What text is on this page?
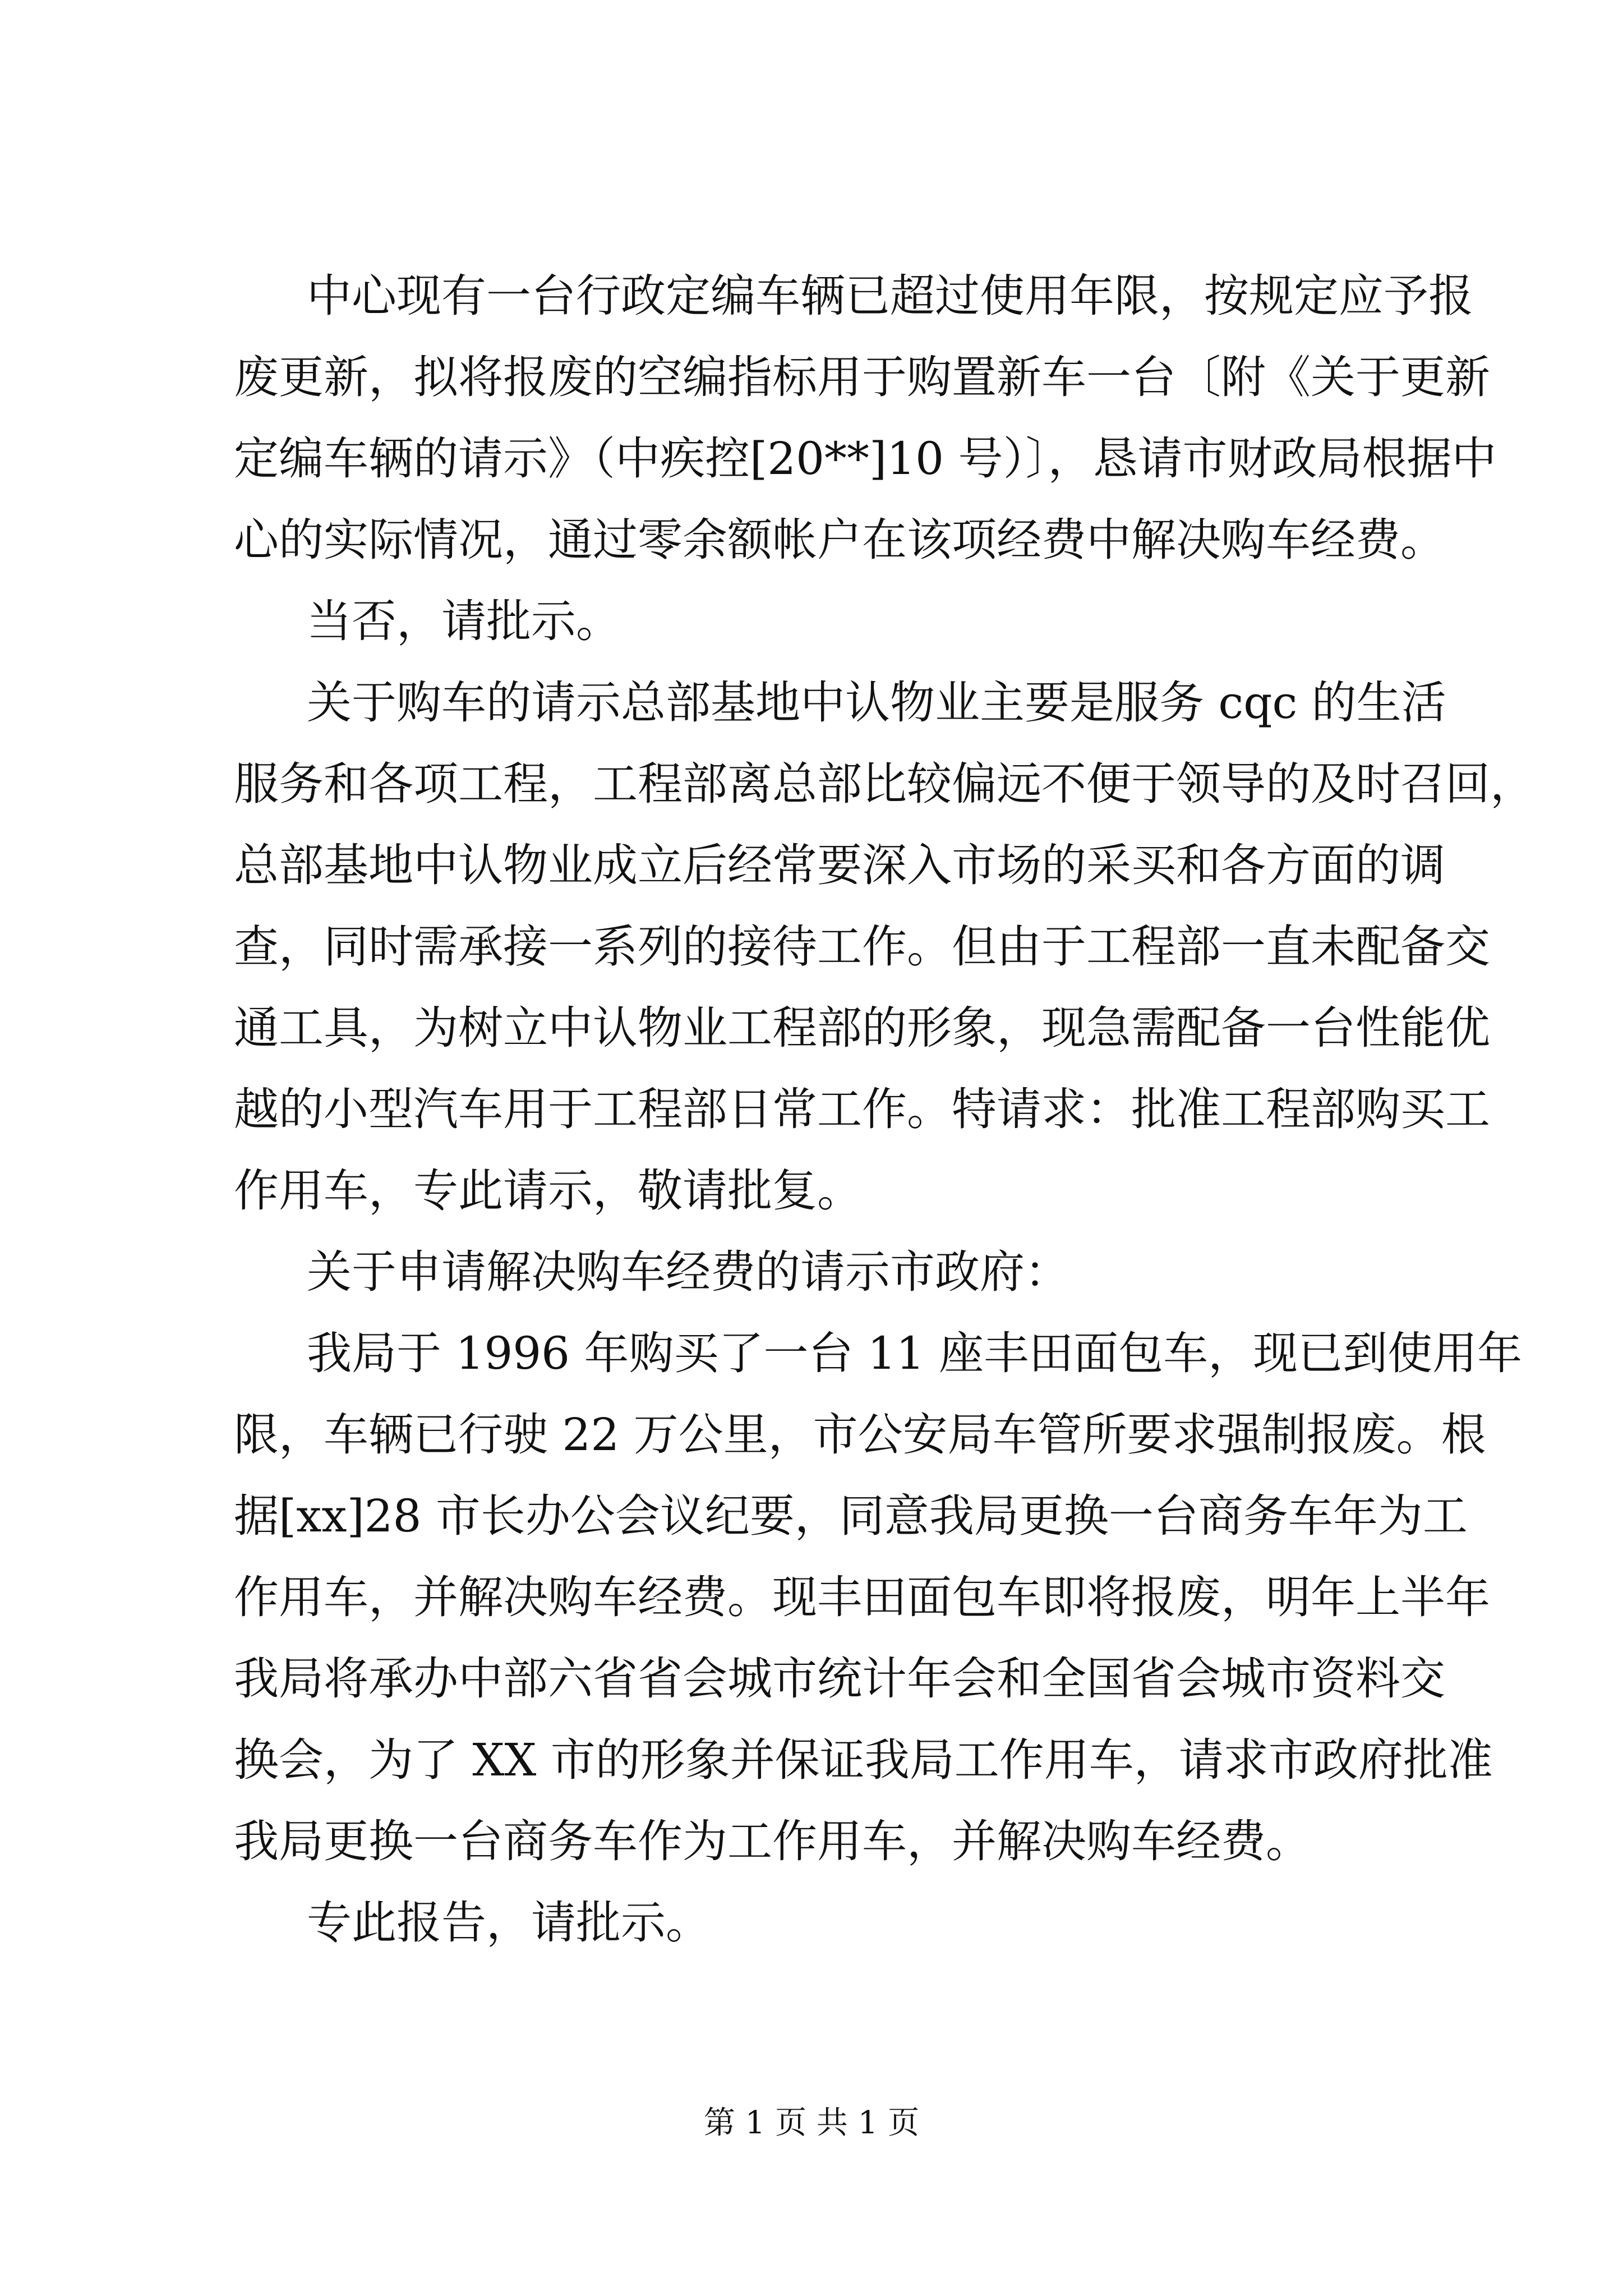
中心现有一台行政定编车辆已超过使用年限，按规定应予报
废更新，拟将报废的空编指标用于购置新车一台〔附《关于更新
定编车辆的请示》（中疾控[20**]10 号）〕，恳请市财政局根据中
心的实际情况，通过零余额帐户在该项经费中解决购车经费。
当否，请批示。
关于购车的请示总部基地中认物业主要是服务 cqc 的生活
服务和各项工程，工程部离总部比较偏远不便于领导的及时召回，
总部基地中认物业成立后经常要深入市场的采买和各方面的调
查，同时需承接一系列的接待工作。但由于工程部一直未配备交
通工具，为树立中认物业工程部的形象，现急需配备一台性能优
越的小型汽车用于工程部日常工作。特请求：批准工程部购买工
作用车，专此请示，敬请批复。
关于申请解决购车经费的请示市政府：
我局于 1996 年购买了一台 11 座丰田面包车，现已到使用年
限，车辆已行驶 22 万公里，市公安局车管所要求强制报废。根
据[xx]28 市长办公会议纪要，同意我局更换一台商务车年为工
作用车，并解决购车经费。现丰田面包车即将报废，明年上半年
我局将承办中部六省省会城市统计年会和全国省会城市资料交
换会，为了 XX 市的形象并保证我局工作用车，请求市政府批准
我局更换一台商务车作为工作用车，并解决购车经费。
专此报告，请批示。
第 1 页 共 1 页
